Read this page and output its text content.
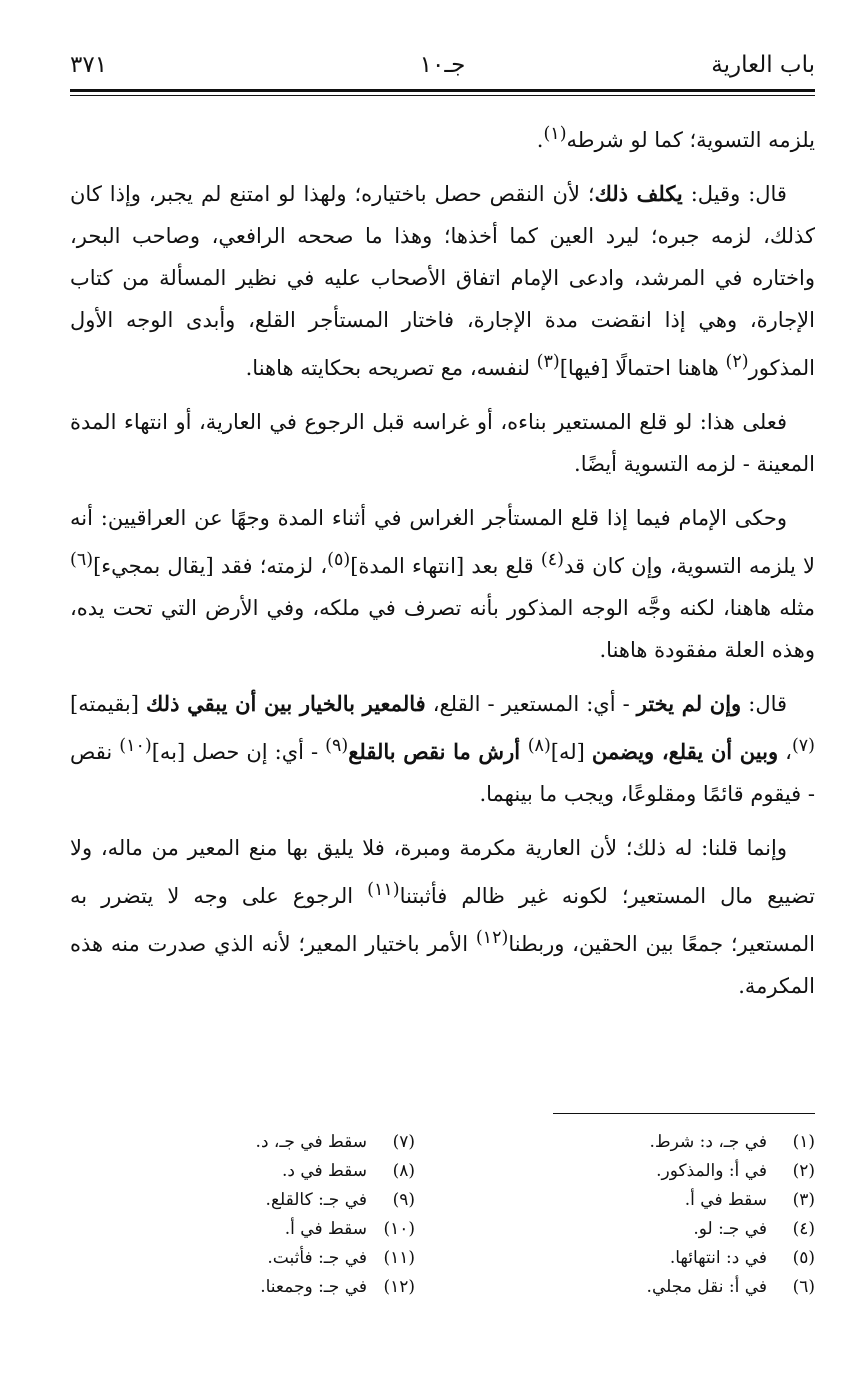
باب العارية
جـ١٠
٣٧١

يلزمه التسوية؛ كما لو شرطه$^{(١)}$.

قال: وقيل: يكلف ذلك؛ لأن النقص حصل باختياره؛ ولهذا لو امتنع لم يجبر، وإذا كان كذلك، لزمه جبره؛ ليرد العين كما أخذها؛ وهذا ما صححه الرافعي، وصاحب البحر، واختاره في المرشد، وادعى الإمام اتفاق الأصحاب عليه في نظير المسألة من كتاب الإجارة، وهي إذا انقضت مدة الإجارة، فاختار المستأجر القلع، وأبدى الوجه الأول المذكور$^{(٢)}$ هاهنا احتمالًا [فيها]$^{(٣)}$ لنفسه، مع تصريحه بحكايته هاهنا.

فعلى هذا: لو قلع المستعير بناءه، أو غراسه قبل الرجوع في العارية، أو انتهاء المدة المعينة - لزمه التسوية أيضًا.

وحكى الإمام فيما إذا قلع المستأجر الغراس في أثناء المدة وجهًا عن العراقيين: أنه لا يلزمه التسوية، وإن كان قد$^{(٤)}$ قلع بعد [انتهاء المدة]$^{(٥)}$، لزمته؛ فقد [يقال بمجيء]$^{(٦)}$ مثله هاهنا، لكنه وجَّه الوجه المذكور بأنه تصرف في ملكه، وفي الأرض التي تحت يده، وهذه العلة مفقودة هاهنا.

قال: وإن لم يختر - أي: المستعير - القلع، فالمعير بالخيار بين أن يبقي ذلك [بقيمته]$^{(٧)}$، وبين أن يقلع، ويضمن [له]$^{(٨)}$ أرش ما نقص بالقلع$^{(٩)}$ - أي: إن حصل [به]$^{(١٠)}$ نقص - فيقوم قائمًا ومقلوعًا، ويجب ما بينهما.

وإنما قلنا: له ذلك؛ لأن العارية مكرمة ومبرة، فلا يليق بها منع المعير من ماله، ولا تضييع مال المستعير؛ لكونه غير ظالم فأثبتنا$^{(١١)}$ الرجوع على وجه لا يتضرر به المستعير؛ جمعًا بين الحقين، وربطنا$^{(١٢)}$ الأمر باختيار المعير؛ لأنه الذي صدرت منه هذه المكرمة.

(١)في جـ، د: شرط.
(٢)في أ: والمذكور.
(٣)سقط في أ.
(٤)في جـ: لو.
(٥)في د: انتهائها.
(٦)في أ: نقل مجلي.
(٧)سقط في جـ، د.
(٨)سقط في د.
(٩)في جـ: كالقلع.
(١٠)سقط في أ.
(١١)في جـ: فأثبت.
(١٢)في جـ: وجمعنا.
